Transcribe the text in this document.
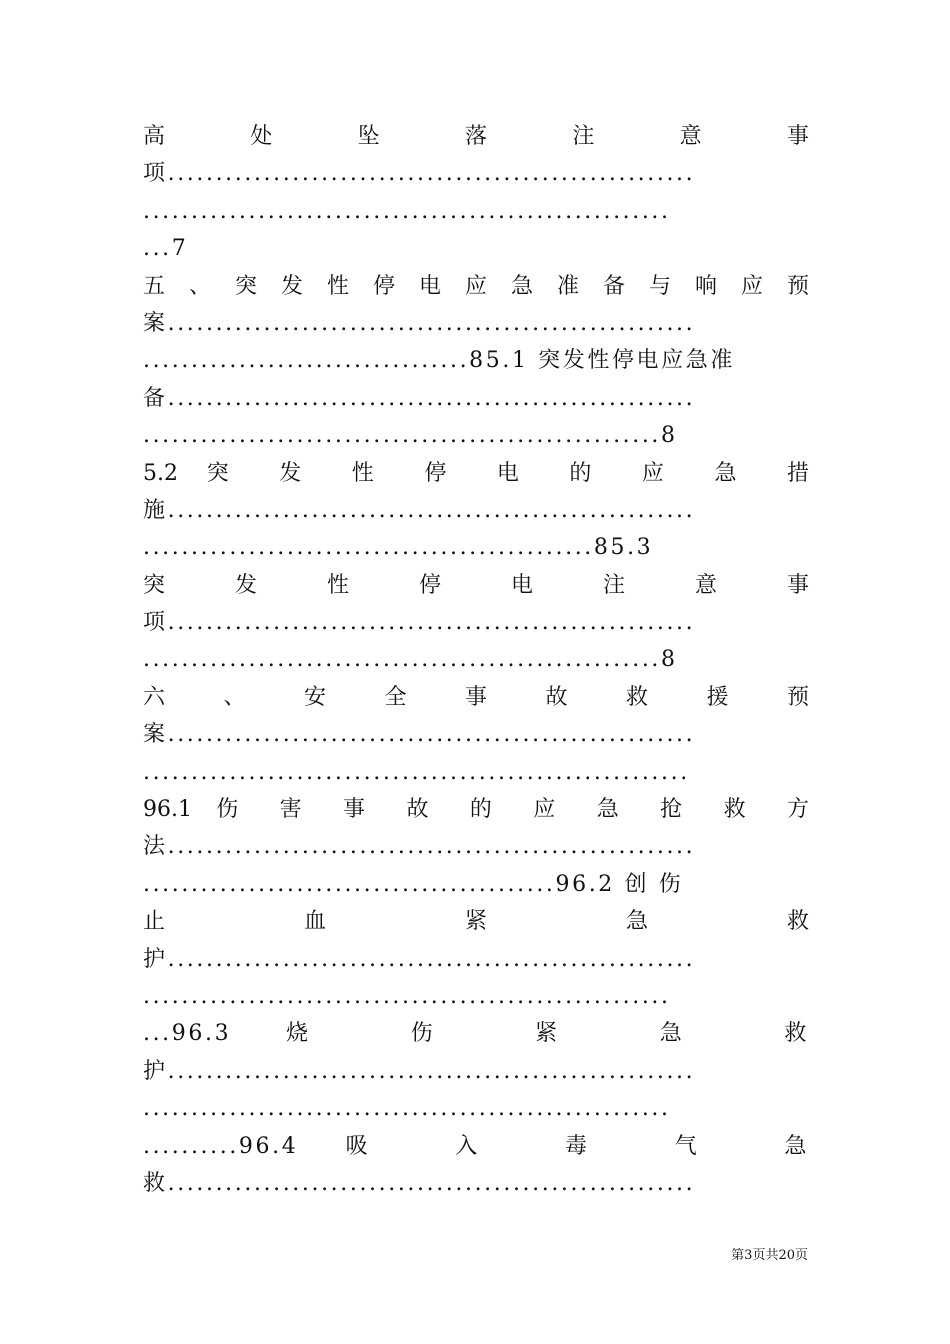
高 处 坠 落 注 意 事
项.......................................................
.......................................................
...7
五 、 突 发 性 停 电 应 急 准 备 与 响 应 预
案.......................................................
..................................85.1 突发性停电应急准
备.......................................................
......................................................8
5.2 突 发 性 停 电 的 应 急 措
施.......................................................
...............................................85.3
突 发 性 停 电 注 意 事
项.......................................................
......................................................8
六 、 安 全 事 故 救 援 预
案.......................................................
.........................................................
96.1 伤 害 事 故 的 应 急 抢 救 方
法.......................................................
...........................................96.2 创 伤
止 血 紧 急 救
护.......................................................
.......................................................
...96.3 烧 伤 紧 急 救
护.......................................................
.......................................................
..........96.4 吸 入 毒 气 急
救.......................................................
第3页共20页
